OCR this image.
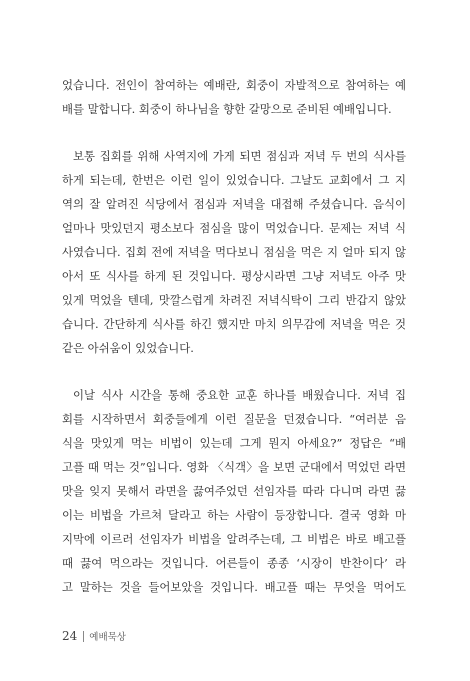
었습니다. 전인이 참여하는 예배란, 회중이 자발적으로 참여하는 예
배를 말합니다. 회중이 하나님을 향한 갈망으로 준비된 예배입니다.
보통 집회를 위해 사역지에 가게 되면 점심과 저녁 두 번의 식사를
하게 되는데, 한번은 이런 일이 있었습니다. 그날도 교회에서 그 지
역의 잘 알려진 식당에서 점심과 저녁을 대접해 주셨습니다. 음식이
얼마나 맛있던지 평소보다 점심을 많이 먹었습니다. 문제는 저녁 식
사였습니다. 집회 전에 저녁을 먹다보니 점심을 먹은 지 얼마 되지 않
아서 또 식사를 하게 된 것입니다. 평상시라면 그냥 저녁도 아주 맛
있게 먹었을 텐데, 맛깔스럽게 차려진 저녁식탁이 그리 반갑지 않았
습니다. 간단하게 식사를 하긴 했지만 마치 의무감에 저녁을 먹은 것
같은 아쉬움이 있었습니다.
이날 식사 시간을 통해 중요한 교훈 하나를 배웠습니다. 저녁 집
회를 시작하면서 회중들에게 이런 질문을 던졌습니다. “여러분 음
식을 맛있게 먹는 비법이 있는데 그게 뭔지 아세요?” 정답은 “배
고플 때 먹는 것”입니다. 영화 〈식객〉을 보면 군대에서 먹었던 라면
맛을 잊지 못해서 라면을 끓여주었던 선임자를 따라 다니며 라면 끓
이는 비법을 가르쳐 달라고 하는 사람이 등장합니다. 결국 영화 마
지막에 이르러 선임자가 비법을 알려주는데, 그 비법은 바로 배고플
때 끓여 먹으라는 것입니다. 어른들이 종종 ‘시장이 반찬이다’ 라
고 말하는 것을 들어보았을 것입니다. 배고플 때는 무엇을 먹어도
24 예배묵상
